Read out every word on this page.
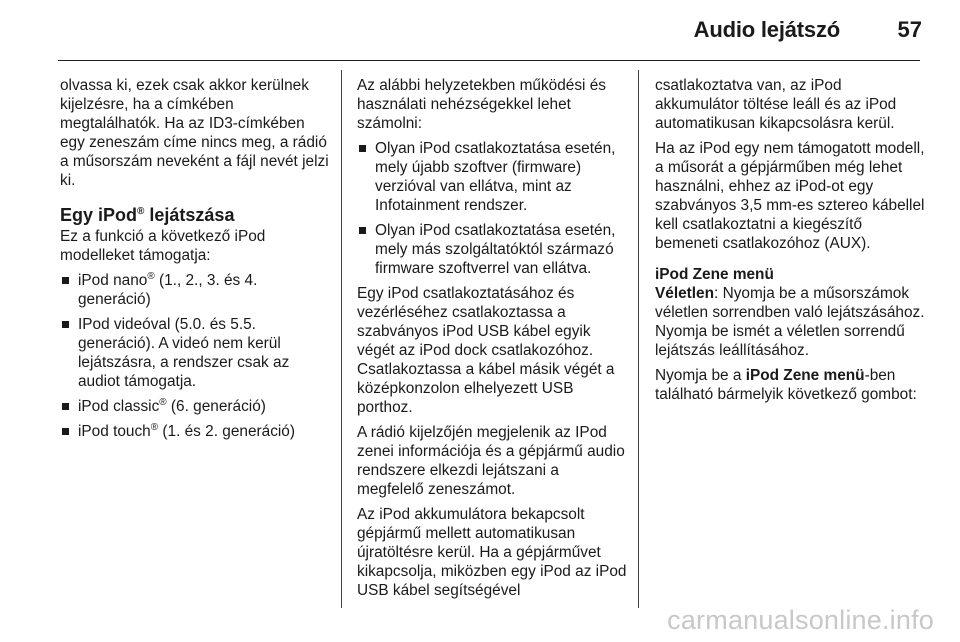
Audio lejátszó	57

olvassa ki, ezek csak akkor kerülnek kijelzésre, ha a címkében megtalálhatók. Ha az ID3-címkében egy zeneszám címe nincs meg, a rádió a műsorszám neveként a fájl nevét jelzi ki.

Egy iPod® lejátszása

Ez a funkció a következő iPod modelleket támogatja:

iPod nano® (1., 2., 3. és 4. generáció)
IPod videóval (5.0. és 5.5. generáció). A videó nem kerül lejátszásra, a rendszer csak az audiot támogatja.
iPod classic® (6. generáció)
iPod touch® (1. és 2. generáció)

Az alábbi helyzetekben működési és használati nehézségekkel lehet számolni:

Olyan iPod csatlakoztatása esetén, mely újabb szoftver (firmware) verzióval van ellátva, mint az Infotainment rendszer.
Olyan iPod csatlakoztatása esetén, mely más szolgáltatóktól származó firmware szoftverrel van ellátva.

Egy iPod csatlakoztatásához és vezérléséhez csatlakoztassa a szabványos iPod USB kábel egyik végét az iPod dock csatlakozóhoz. Csatlakoztassa a kábel másik végét a középkonzolon elhelyezett USB porthoz.

A rádió kijelzőjén megjelenik az IPod zenei információja és a gépjármű audio rendszere elkezdi lejátszani a megfelelő zeneszámot.

Az iPod akkumulátora bekapcsolt gépjármű mellett automatikusan újratöltésre kerül. Ha a gépjárművet kikapcsolja, miközben egy iPod az iPod USB kábel segítségével

csatlakoztatva van, az iPod akkumulátor töltése leáll és az iPod automatikusan kikapcsolásra kerül.

Ha az iPod egy nem támogatott modell, a műsorát a gépjárműben még lehet használni, ehhez az iPod-ot egy szabványos 3,5 mm-es sztereo kábellel kell csatlakoztatni a kiegészítő bemeneti csatlakozóhoz (AUX).

iPod Zene menü

Véletlen: Nyomja be a műsorszámok véletlen sorrendben való lejátszásához. Nyomja be ismét a véletlen sorrendű lejátszás leállításához.

Nyomja be a iPod Zene menü-ben található bármelyik következő gombot:

carmanualsonline.info
